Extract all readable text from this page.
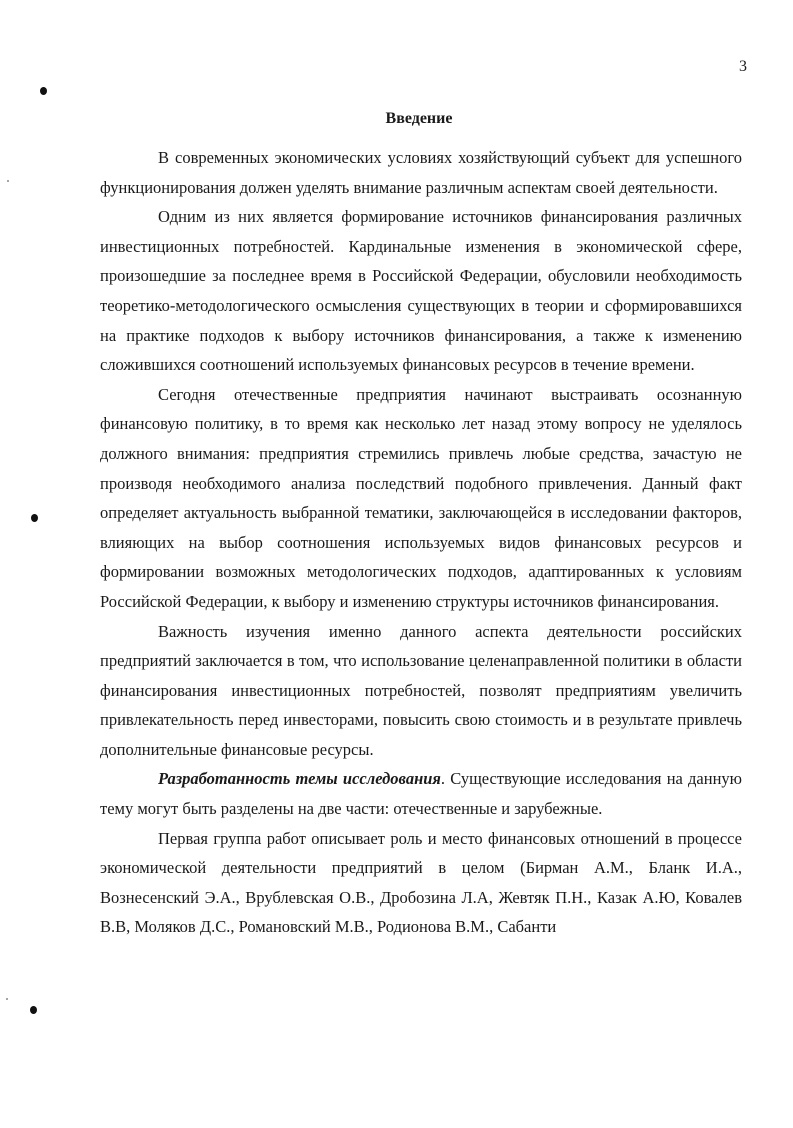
3
Введение

В современных экономических условиях хозяйствующий субъект для успешного функционирования должен уделять внимание различным аспектам своей деятельности.

Одним из них является формирование источников финансирования различных инвестиционных потребностей. Кардинальные изменения в экономической сфере, произошедшие за последнее время в Российской Федерации, обусловили необходимость теоретико-методологического осмысления существующих в теории и сформировавшихся на практике подходов к выбору источников финансирования, а также к изменению сложившихся соотношений используемых финансовых ресурсов в течение времени.

Сегодня отечественные предприятия начинают выстраивать осознанную финансовую политику, в то время как несколько лет назад этому вопросу не уделялось должного внимания: предприятия стремились привлечь любые средства, зачастую не производя необходимого анализа последствий подобного привлечения. Данный факт определяет актуальность выбранной тематики, заключающейся в исследовании факторов, влияющих на выбор соотношения используемых видов финансовых ресурсов и формировании возможных методологических подходов, адаптированных к условиям Российской Федерации, к выбору и изменению структуры источников финансирования.

Важность изучения именно данного аспекта деятельности российских предприятий заключается в том, что использование целенаправленной политики в области финансирования инвестиционных потребностей, позволят предприятиям увеличить привлекательность перед инвесторами, повысить свою стоимость и в результате привлечь дополнительные финансовые ресурсы.

Разработанность темы исследования. Существующие исследования на данную тему могут быть разделены на две части: отечественные и зарубежные.

Первая группа работ описывает роль и место финансовых отношений в процессе экономической деятельности предприятий в целом (Бирман А.М., Бланк И.А., Вознесенский Э.А., Врублевская О.В., Дробозина Л.А, Жевтяк П.Н., Казак А.Ю, Ковалев В.В, Моляков Д.С., Романовский М.В., Родионова В.М., Сабанти
